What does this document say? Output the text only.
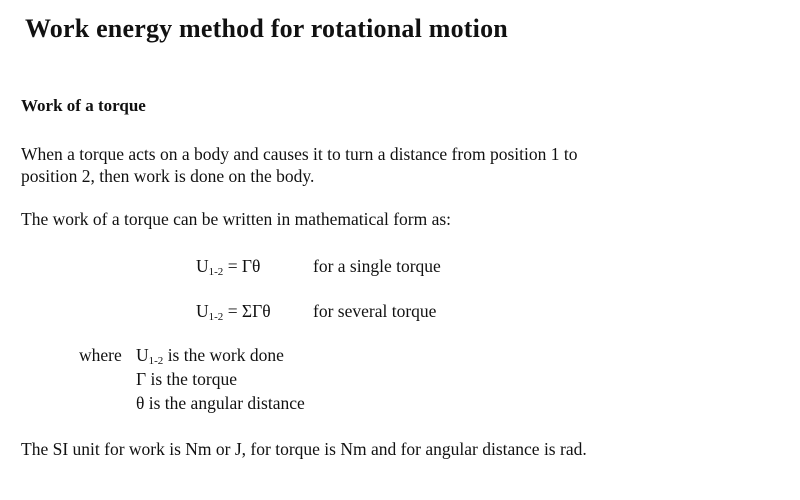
Work energy method for rotational motion
Work of a torque
When a torque acts on a body and causes it to turn a distance from position 1 to
position 2, then work is done on the body.
The work of a torque can be written in mathematical form as:
$U_{1-2} = \Gamma\theta$	for a single torque
$U_{1-2} = \Sigma\Gamma\theta$ for several torque
where $U_{1-2}$ is the work done
Γ is the torque
θ is the angular distance
The SI unit for work is Nm or J, for torque is Nm and for angular distance is rad.
